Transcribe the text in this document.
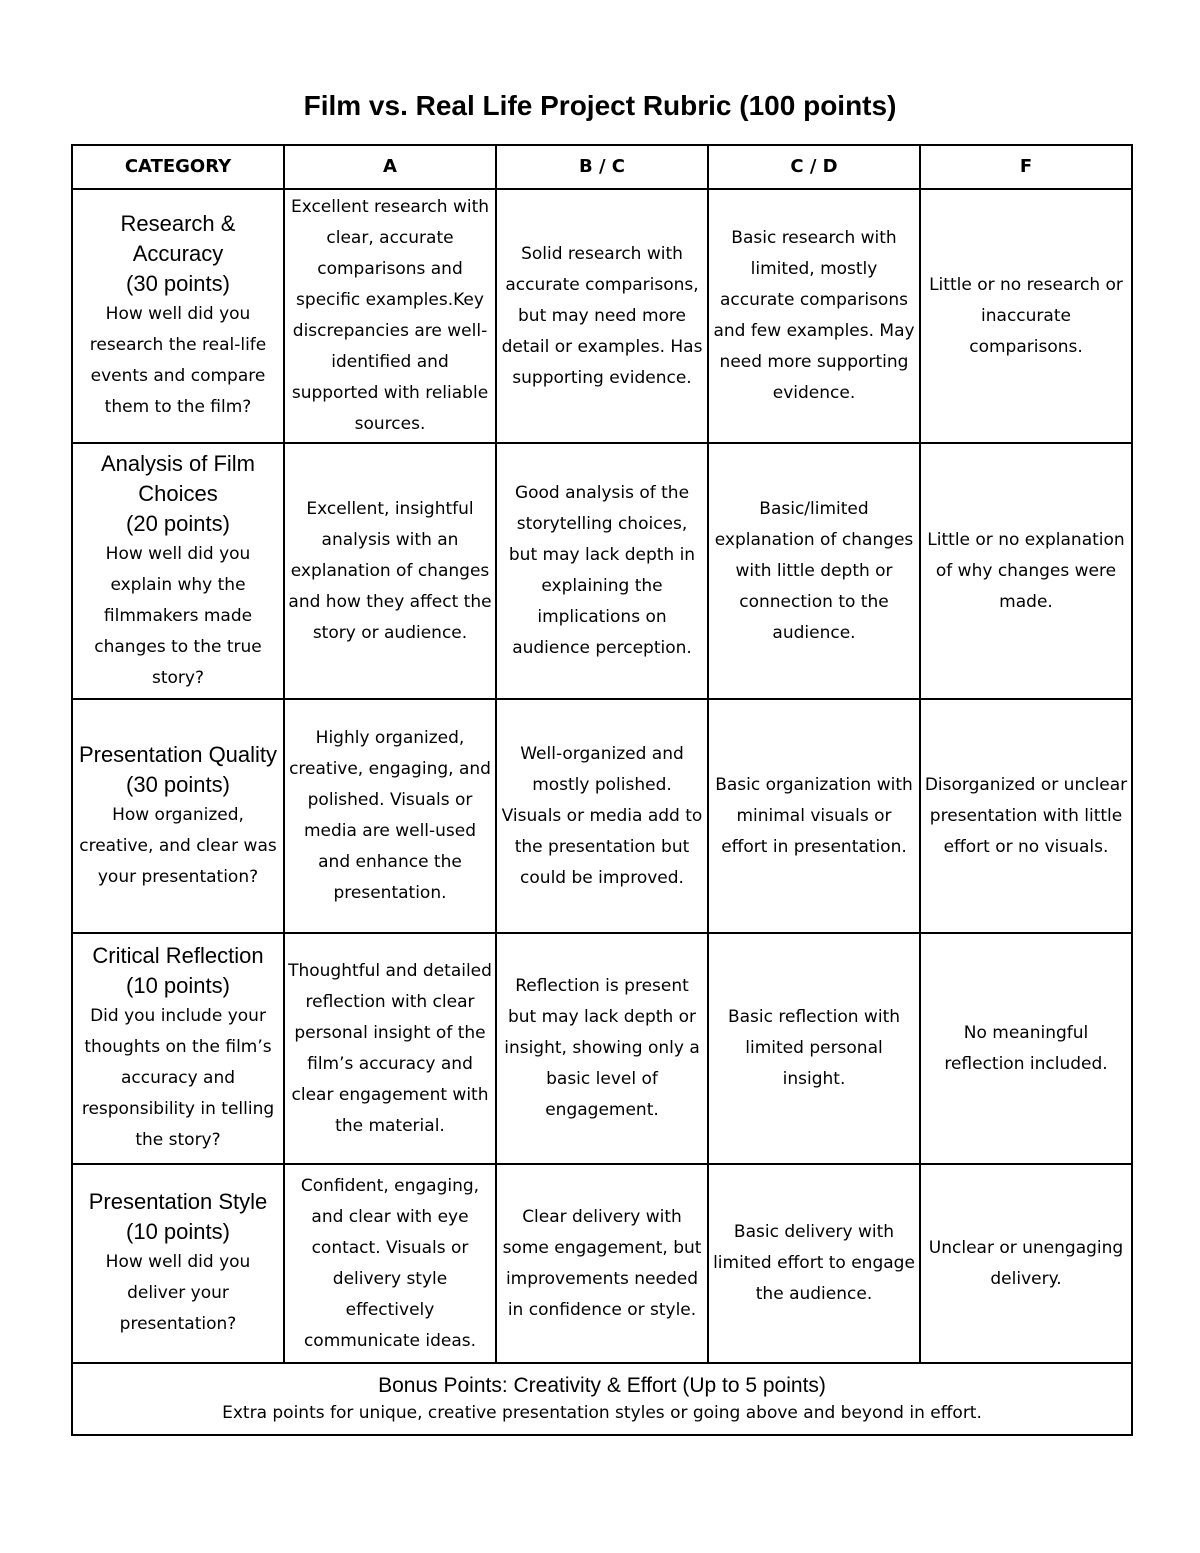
Film vs. Real Life Project Rubric (100 points)
CATEGORY	A	B / C	C / D	F

Research & Accuracy
(30 points)
How well did you research the real-life events and compare them to the film?	Excellent research with clear, accurate comparisons and specific examples.Key discrepancies are well-identified and supported with reliable sources.	Solid research with accurate comparisons, but may need more detail or examples. Has supporting evidence.	Basic research with limited, mostly accurate comparisons and few examples. May need more supporting evidence.	Little or no research or inaccurate comparisons.

Analysis of Film Choices
(20 points)
How well did you explain why the filmmakers made changes to the true story?	Excellent, insightful analysis with an explanation of changes and how they affect the story or audience.	Good analysis of the storytelling choices, but may lack depth in explaining the implications on audience perception.	Basic/limited explanation of changes with little depth or connection to the audience.	Little or no explanation of why changes were made.

Presentation Quality
(30 points)
How organized, creative, and clear was your presentation?	Highly organized, creative, engaging, and polished. Visuals or media are well-used and enhance the presentation.	Well-organized and mostly polished. Visuals or media add to the presentation but could be improved.	Basic organization with minimal visuals or effort in presentation.	Disorganized or unclear presentation with little effort or no visuals.

Critical Reflection
(10 points)
Did you include your thoughts on the film’s accuracy and responsibility in telling the story?	Thoughtful and detailed reflection with clear personal insight of the film’s accuracy and clear engagement with the material.	Reflection is present but may lack depth or insight, showing only a basic level of engagement.	Basic reflection with limited personal insight.	No meaningful reflection included.

Presentation Style
(10 points)
How well did you deliver your presentation?	Confident, engaging, and clear with eye contact. Visuals or delivery style effectively communicate ideas.	Clear delivery with some engagement, but improvements needed in confidence or style.	Basic delivery with limited effort to engage the audience.	Unclear or unengaging delivery.

Bonus Points: Creativity & Effort (Up to 5 points)
Extra points for unique, creative presentation styles or going above and beyond in effort.				
